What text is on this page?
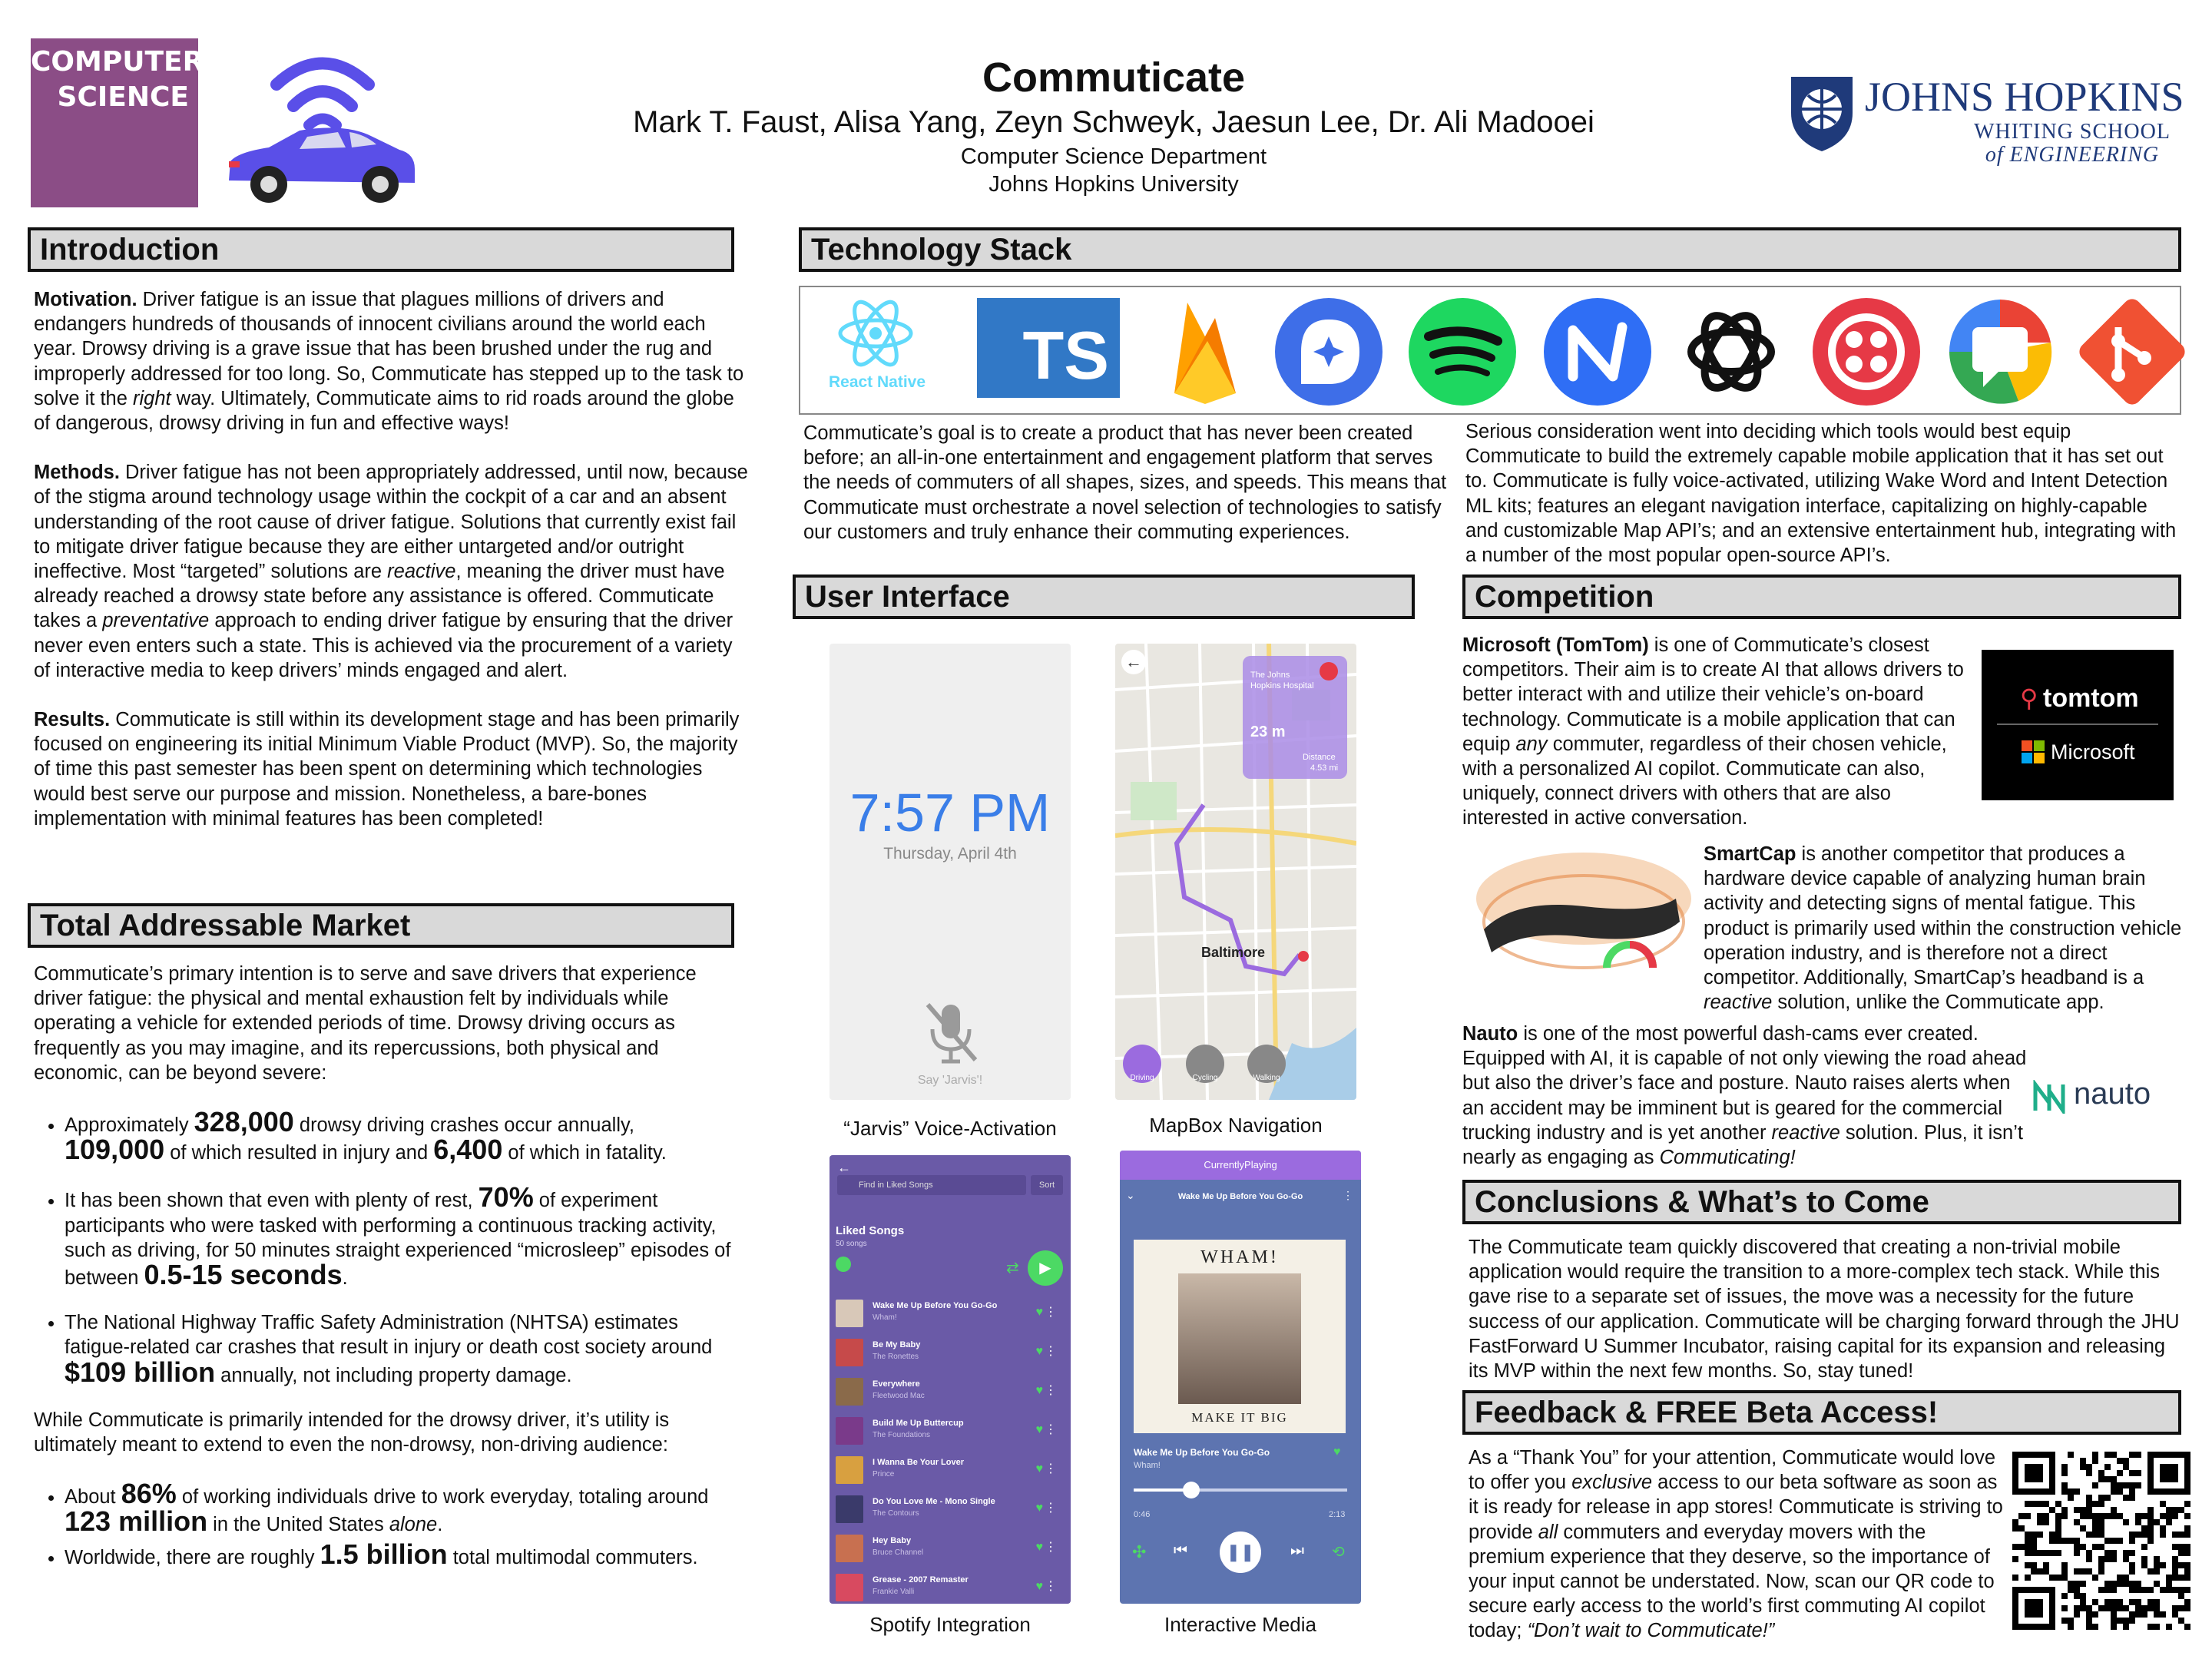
COMPUTER
SCIENCE	Commuticate
Mark T. Faust, Alisa Yang, Zeyn Schweyk, Jaesun Lee, Dr. Ali Madooei
Computer Science Department
Johns Hopkins University
JOHNS HOPKINS
WHITING SCHOOL
of ENGINEERING
Introduction

Motivation. Driver fatigue is an issue that plagues millions of drivers and endangers hundreds of thousands of innocent civilians around the world each year. Drowsy driving is a grave issue that has been brushed under the rug and improperly addressed for too long. So, Commuticate has stepped up to the task to solve it the right way. Ultimately, Commuticate aims to rid roads around the globe of dangerous, drowsy driving in fun and effective ways!

Methods. Driver fatigue has not been appropriately addressed, until now, because of the stigma around technology usage within the cockpit of a car and an absent understanding of the root cause of driver fatigue. Solutions that currently exist fail to mitigate driver fatigue because they are either untargeted and/or outright ineffective. Most “targeted” solutions are reactive, meaning the driver must have already reached a drowsy state before any assistance is offered. Commuticate takes a preventative approach to ending driver fatigue by ensuring that the driver never even enters such a state. This is achieved via the procurement of a variety of interactive media to keep drivers’ minds engaged and alert.

Results. Commuticate is still within its development stage and has been primarily focused on engineering its initial Minimum Viable Product (MVP). So, the majority of time this past semester has been spent on determining which technologies would best serve our purpose and mission. Nonetheless, a bare-bones implementation with minimal features has been completed!

Total Addressable Market

Commuticate’s primary intention is to serve and save drivers that experience driver fatigue: the physical and mental exhaustion felt by individuals while operating a vehicle for extended periods of time. Drowsy driving occurs as frequently as you may imagine, and its repercussions, both physical and economic, can be beyond severe:

• Approximately 328,000 drowsy driving crashes occur annually,
109,000 of which resulted in injury and 6,400 of which in fatality.
• It has been shown that even with plenty of rest, 70% of experiment participants who were tasked with performing a continuous tracking activity, such as driving, for 50 minutes straight experienced “microsleep” episodes of between 0.5-15 seconds.
• The National Highway Traffic Safety Administration (NHTSA) estimates fatigue-related car crashes that result in injury or death cost society around $109 billion annually, not including property damage.

While Commuticate is primarily intended for the drowsy driver, it’s utility is ultimately meant to extend to even the non-drowsy, non-driving audience:

• About 86% of working individuals drive to work everyday, totaling around
123 million in the United States alone.
• Worldwide, there are roughly 1.5 billion total multimodal commuters.
Technology Stack
React Native	TS
Commuticate’s goal is to create a product that has never been created before; an all-in-one entertainment and engagement platform that serves the needs of commuters of all shapes, sizes, and speeds. This means that Commuticate must orchestrate a novel selection of technologies to satisfy our customers and truly enhance their commuting experiences.
Serious consideration went into deciding which tools would best equip Commuticate to build the extremely capable mobile application that it has set out to. Commuticate is fully voice-activated, utilizing Wake Word and Intent Detection ML kits; features an elegant navigation interface, capitalizing on highly-capable and customizable Map API’s; and an extensive entertainment hub, integrating with a number of the most popular open-source API’s.
User Interface
7:57 PM
Thursday, April 4th
Say 'Jarvis'!
“Jarvis” Voice-Activation
←
The Johns
Hopkins Hospital
23 m
Distance
4.53 mi
Baltimore
Driving	Cycling	Walking
MapBox Navigation
←
Find in Liked Songs	Sort
Liked Songs
50 songs
▶
⇄
Wake Me Up Before You Go-Go
Wham!	♥ ⋮
Be My Baby
The Ronettes	♥ ⋮
Everywhere
Fleetwood Mac	♥ ⋮
Build Me Up Buttercup
The Foundations	♥ ⋮
I Wanna Be Your Lover
Prince	♥ ⋮
Do You Love Me - Mono Single
The Contours	♥ ⋮
Hey Baby
Bruce Channel	♥ ⋮
Grease - 2007 Remaster
Frankie Valli	♥ ⋮
Spotify Integration
CurrentlyPlaying
⌄	Wake Me Up Before You Go-Go	⋮
WHAM!
MAKE IT BIG
Wake Me Up Before You Go-Go
Wham!
♥
0:46	2:13
✣ ⏮	❚❚	⏭ ⟲
Interactive Media
Competition
Microsoft (TomTom) is one of Commuticate’s closest competitors. Their aim is to create AI that allows drivers to better interact with and utilize their vehicle’s on-board technology. Commuticate is a mobile application that can equip any commuter, regardless of their chosen vehicle, with a personalized AI copilot. Commuticate can also, uniquely, connect drivers with others that are also interested in active conversation.
⚲ tomtom
Microsoft
SmartCap is another competitor that produces a hardware device capable of analyzing human brain activity and detecting signs of mental fatigue. This product is primarily used within the construction vehicle operation industry, and is therefore not a direct competitor. Additionally, SmartCap’s headband is a reactive solution, unlike the Commuticate app.
Nauto is one of the most powerful dash-cams ever created. Equipped with AI, it is capable of not only viewing the road ahead but also the driver’s face and posture. Nauto raises alerts when an accident may be imminent but is geared for the commercial trucking industry and is yet another reactive solution. Plus, it isn’t nearly as engaging as Commuticating!
nauto
Conclusions & What’s to Come
The Commuticate team quickly discovered that creating a non-trivial mobile application would require the transition to a more-complex tech stack. While this gave rise to a separate set of issues, the move was a necessity for the future success of our application. Commuticate will be charging forward through the JHU FastForward U Summer Incubator, raising capital for its expansion and releasing its MVP within the next few months. So, stay tuned!
Feedback & FREE Beta Access!
As a “Thank You” for your attention, Commuticate would love to offer you exclusive access to our beta software as soon as it is ready for release in app stores! Commuticate is striving to provide all commuters and everyday movers with the premium experience that they deserve, so the importance of your input cannot be understated. Now, scan our QR code to secure early access to the world’s first commuting AI copilot today; “Don’t wait to Commuticate!”
